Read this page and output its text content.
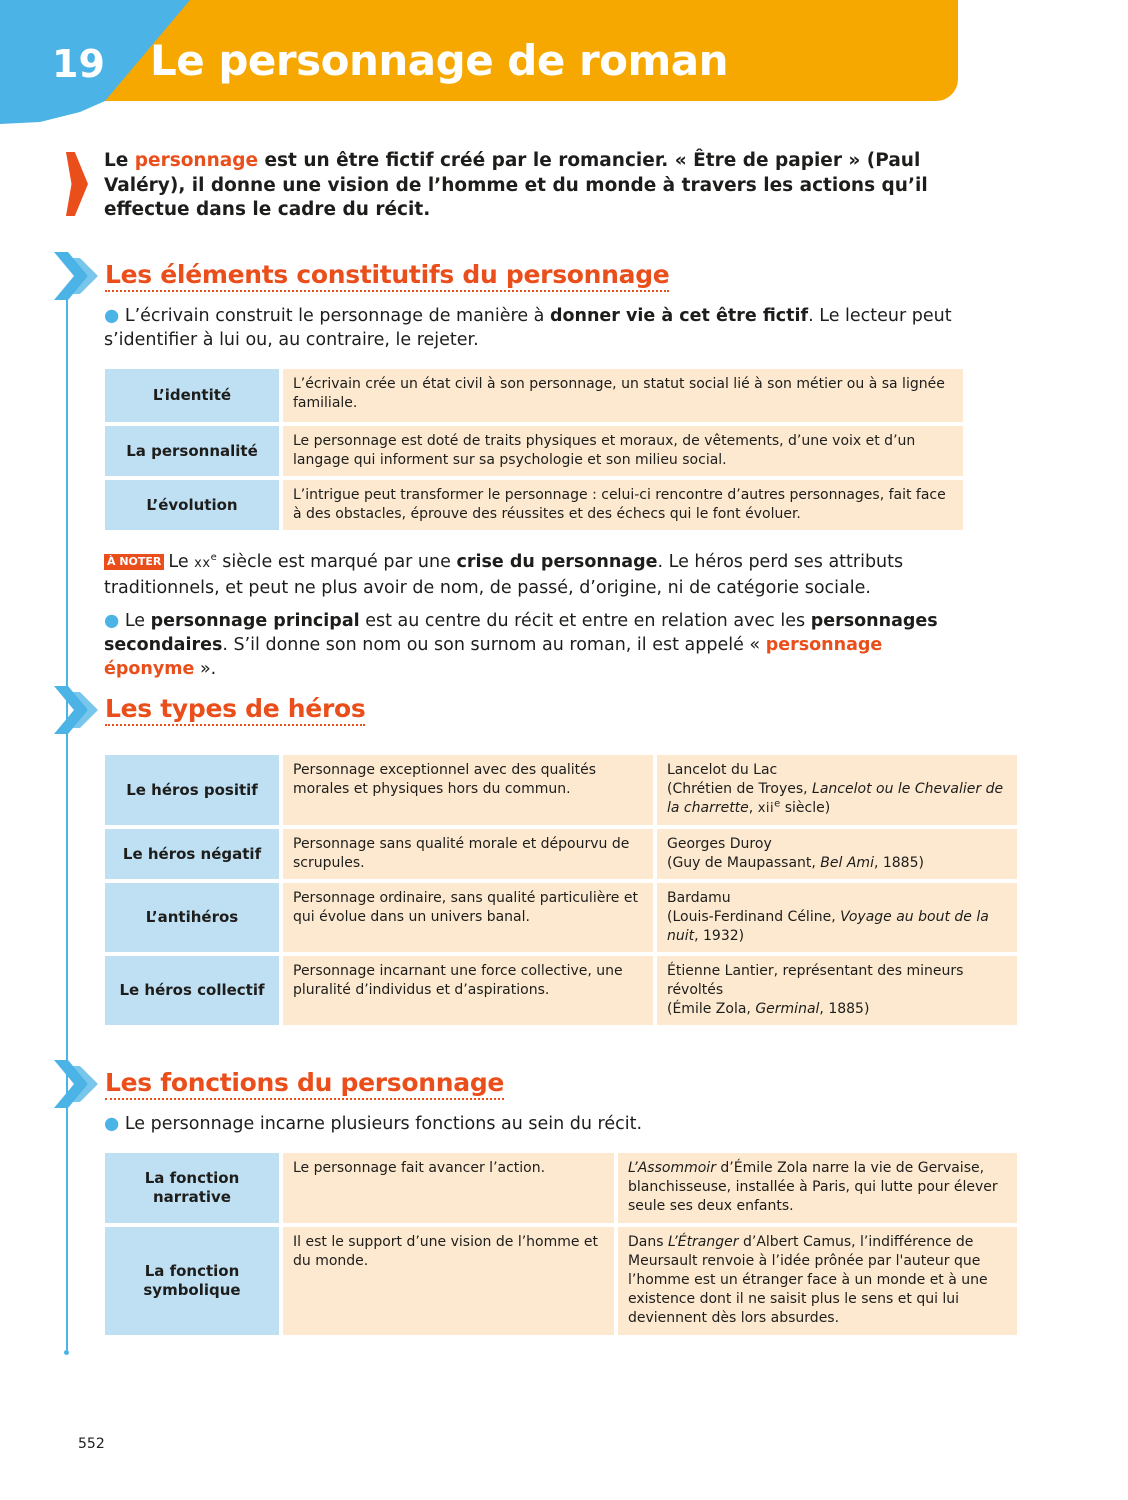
19 Le personnage de roman
Le personnage est un être fictif créé par le romancier. « Être de papier » (Paul Valéry), il donne une vision de l’homme et du monde à travers les actions qu’il effectue dans le cadre du récit.
Les éléments constitutifs du personnage
● L’écrivain construit le personnage de manière à donner vie à cet être fictif. Le lecteur peut s’identifier à lui ou, au contraire, le rejeter.
L’identité	L’écrivain crée un état civil à son personnage, un statut social lié à son métier ou à sa lignée familiale.
La personnalité	Le personnage est doté de traits physiques et moraux, de vêtements, d’une voix et d’un langage qui informent sur sa psychologie et son milieu social.
L’évolution	L’intrigue peut transformer le personnage : celui-ci rencontre d’autres personnages, fait face à des obstacles, éprouve des réussites et des échecs qui le font évoluer.
À NOTER Le $xx^e$ siècle est marqué par une crise du personnage. Le héros perd ses attributs traditionnels, et peut ne plus avoir de nom, de passé, d’origine, ni de catégorie sociale.
● Le personnage principal est au centre du récit et entre en relation avec les personnages secondaires. S’il donne son nom ou son surnom au roman, il est appelé « personnage éponyme ».
Les types de héros
Le héros positif	Personnage exceptionnel avec des qualités morales et physiques hors du commun.	Lancelot du Lac
(Chrétien de Troyes, Lancelot ou le Chevalier de la charrette, xii$^e$ siècle)
Le héros négatif	Personnage sans qualité morale et dépourvu de scrupules.	Georges Duroy
(Guy de Maupassant, Bel Ami, 1885)
L’antihéros	Personnage ordinaire, sans qualité particulière et qui évolue dans un univers banal.	Bardamu
(Louis-Ferdinand Céline, Voyage au bout de la nuit, 1932)
Le héros collectif	Personnage incarnant une force collective, une pluralité d’individus et d’aspirations.	Étienne Lantier, représentant des mineurs révoltés
(Émile Zola, Germinal, 1885)
Les fonctions du personnage
● Le personnage incarne plusieurs fonctions au sein du récit.
La fonction narrative	Le personnage fait avancer l’action.	L’Assommoir d’Émile Zola narre la vie de Gervaise, blanchisseuse, installée à Paris, qui lutte pour élever seule ses deux enfants.
La fonction symbolique	Il est le support d’une vision de l’homme et du monde.	Dans L’Étranger d’Albert Camus, l’indifférence de Meursault renvoie à l’idée prônée par l'auteur que l’homme est un étranger face à un monde et à une existence dont il ne saisit plus le sens et qui lui deviennent dès lors absurdes.
552
